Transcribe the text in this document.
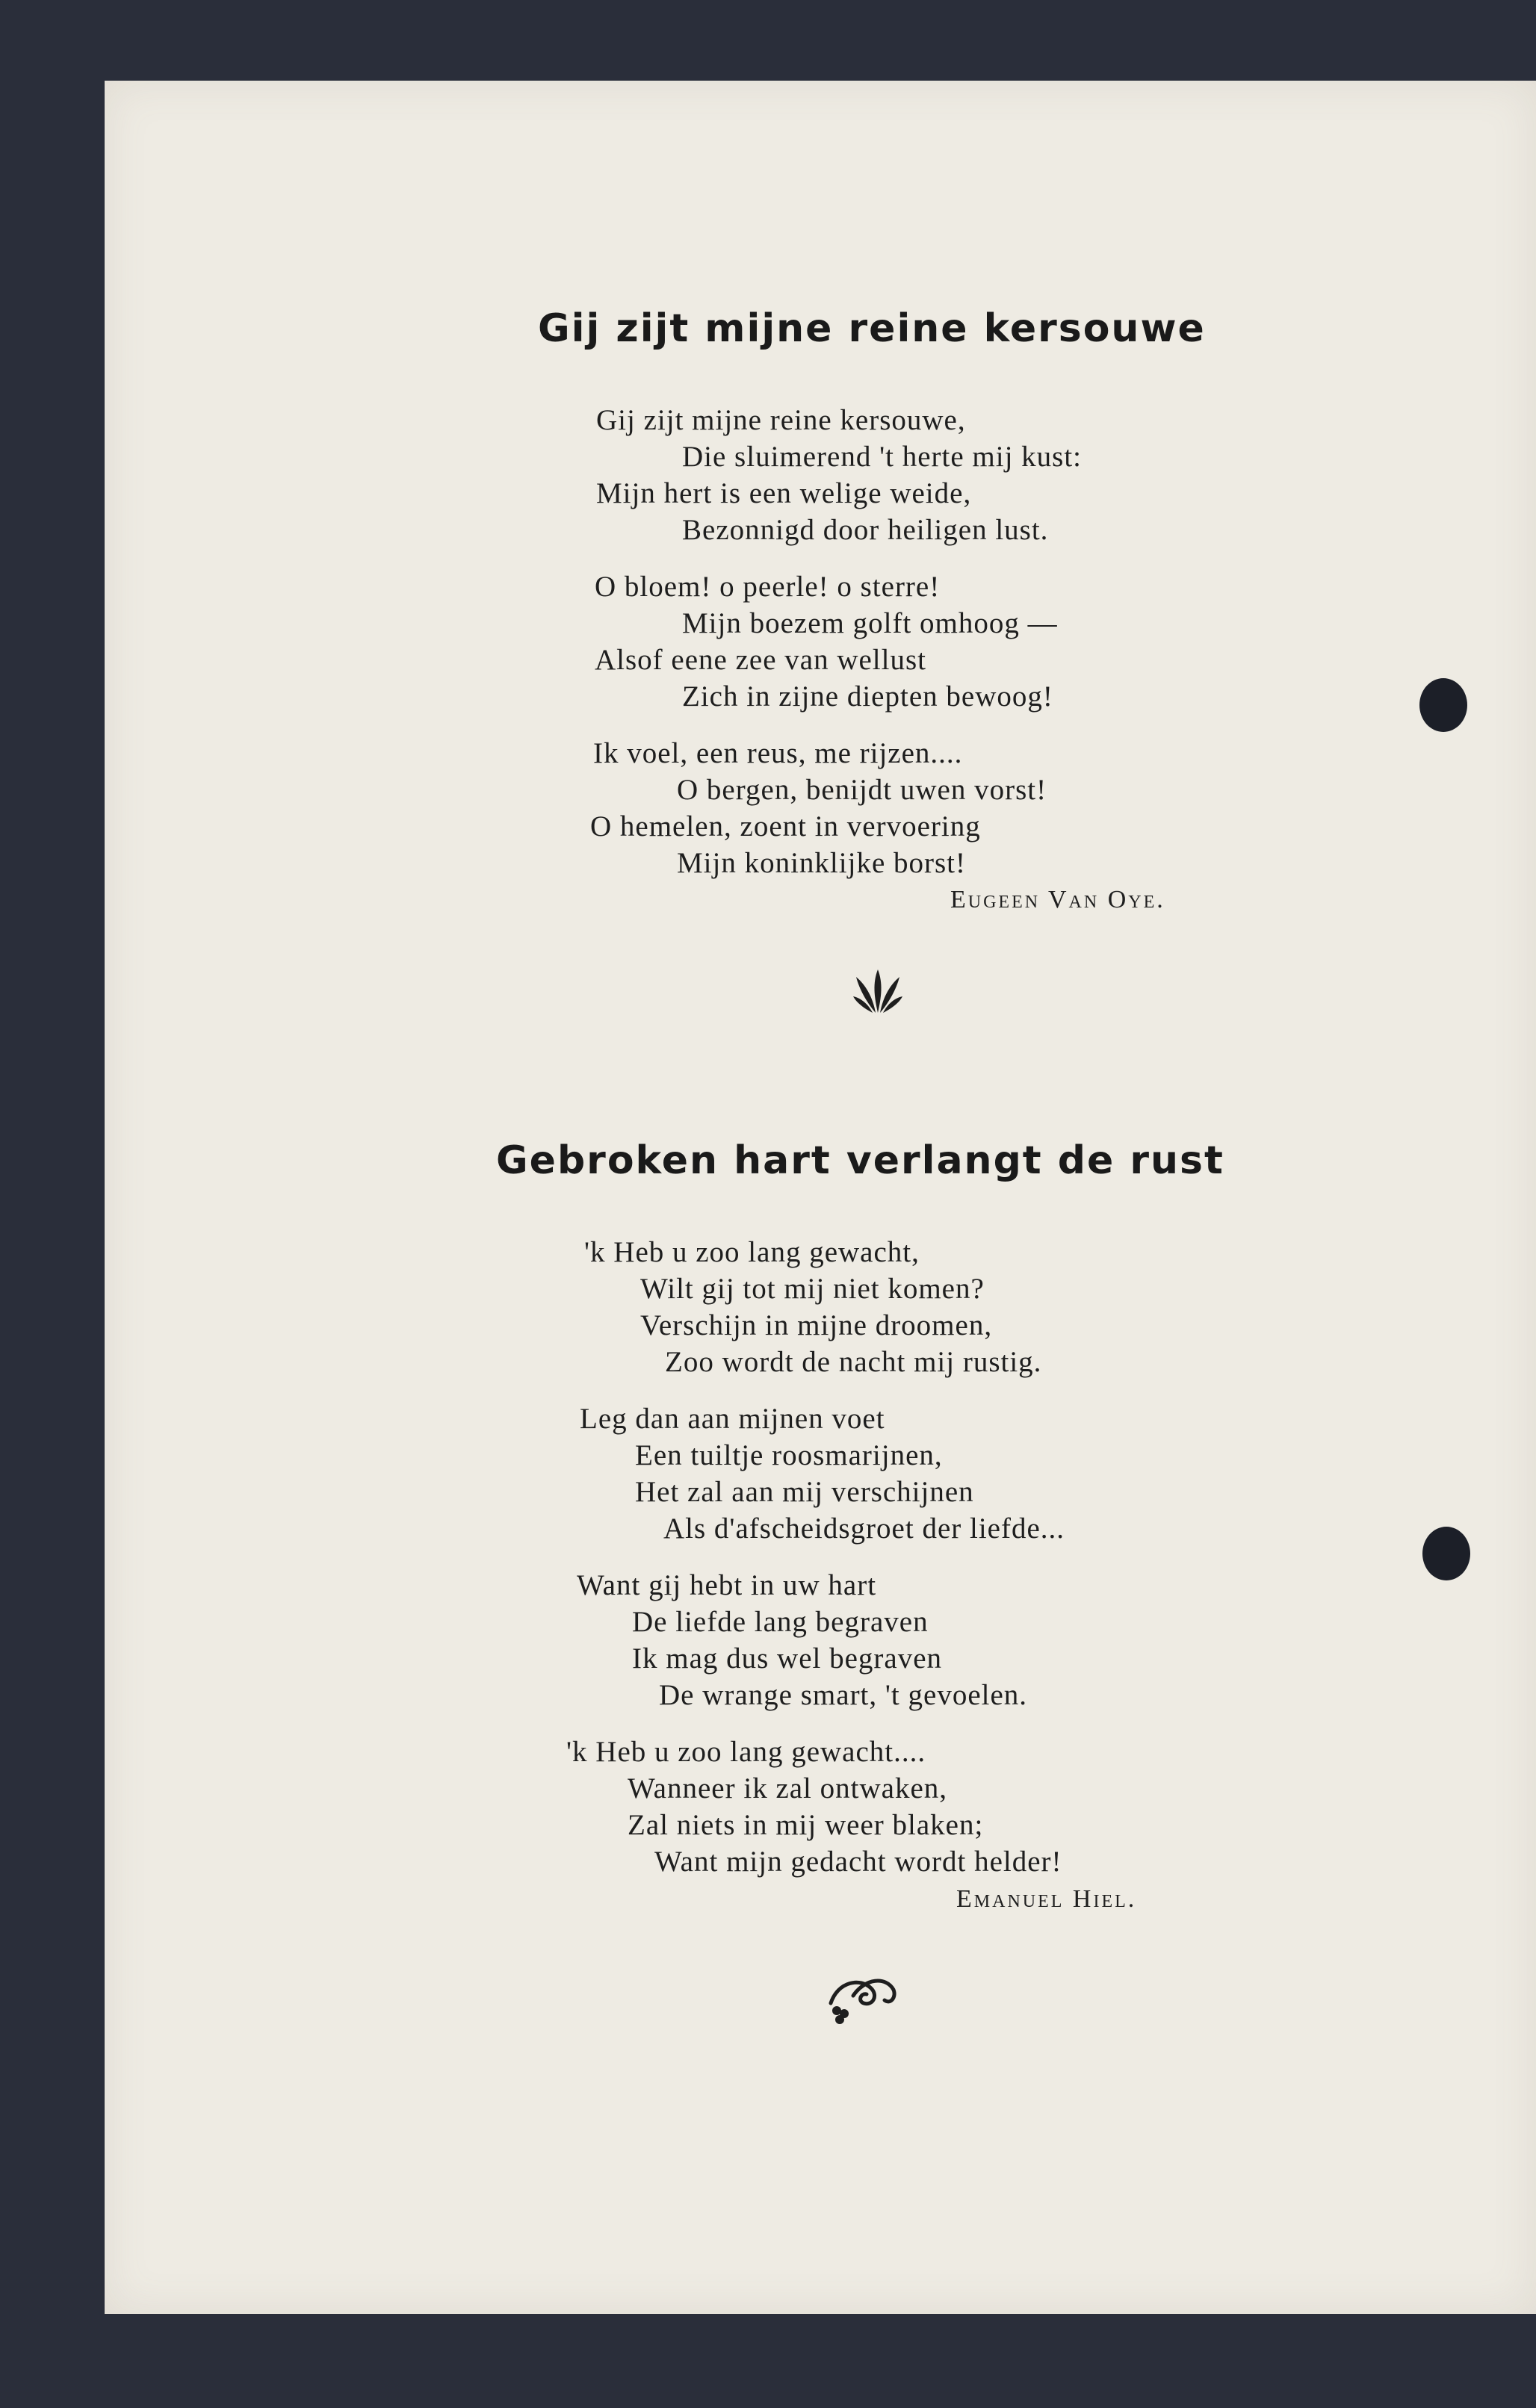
Gij zijt mijne reine kersouwe

Gij zijt mijne reine kersouwe,

Die sluimerend 't herte mij kust:

Mijn hert is een welige weide,

Bezonnigd door heiligen lust.

O bloem! o peerle! o sterre!

Mijn boezem golft omhoog —

Alsof eene zee van wellust

Zich in zijne diepten bewoog!

Ik voel, een reus, me rijzen....

O bergen, benijdt uwen vorst!

O hemelen, zoent in vervoering

Mijn koninklijke borst!

Eugeen Van Oye.

Gebroken hart verlangt de rust

'k Heb u zoo lang gewacht,

Wilt gij tot mij niet komen?

Verschijn in mijne droomen,

Zoo wordt de nacht mij rustig.

Leg dan aan mijnen voet

Een tuiltje roosmarijnen,

Het zal aan mij verschijnen

Als d'afscheidsgroet der liefde...

Want gij hebt in uw hart

De liefde lang begraven

Ik mag dus wel begraven

De wrange smart, 't gevoelen.

'k Heb u zoo lang gewacht....

Wanneer ik zal ontwaken,

Zal niets in mij weer blaken;

Want mijn gedacht wordt helder!

Emanuel Hiel.
